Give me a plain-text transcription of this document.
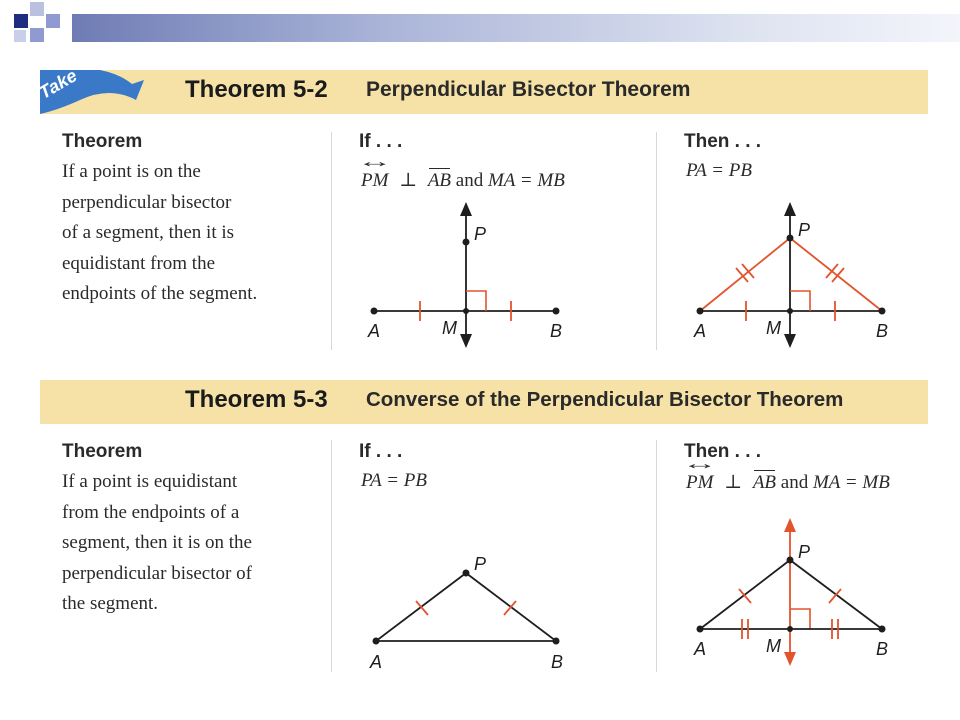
Theorem 5-2 Perpendicular Bisector Theorem
Take
Theorem
If a point is on the
perpendicular bisector
of a segment, then it is
equidistant from the
endpoints of the segment.
If . . .
↔ PM ⊥ AB and MA = MB
Then . . .
PA = PB
P
A	M	B
P
A	M	B
Theorem 5-3 Converse of the Perpendicular Bisector Theorem
Theorem
If a point is equidistant
from the endpoints of a
segment, then it is on the
perpendicular bisector of
the segment.
If . . .
PA = PB
Then . . .
↔ PM ⊥ AB and MA = MB
P
A	B
P
A	M	B
